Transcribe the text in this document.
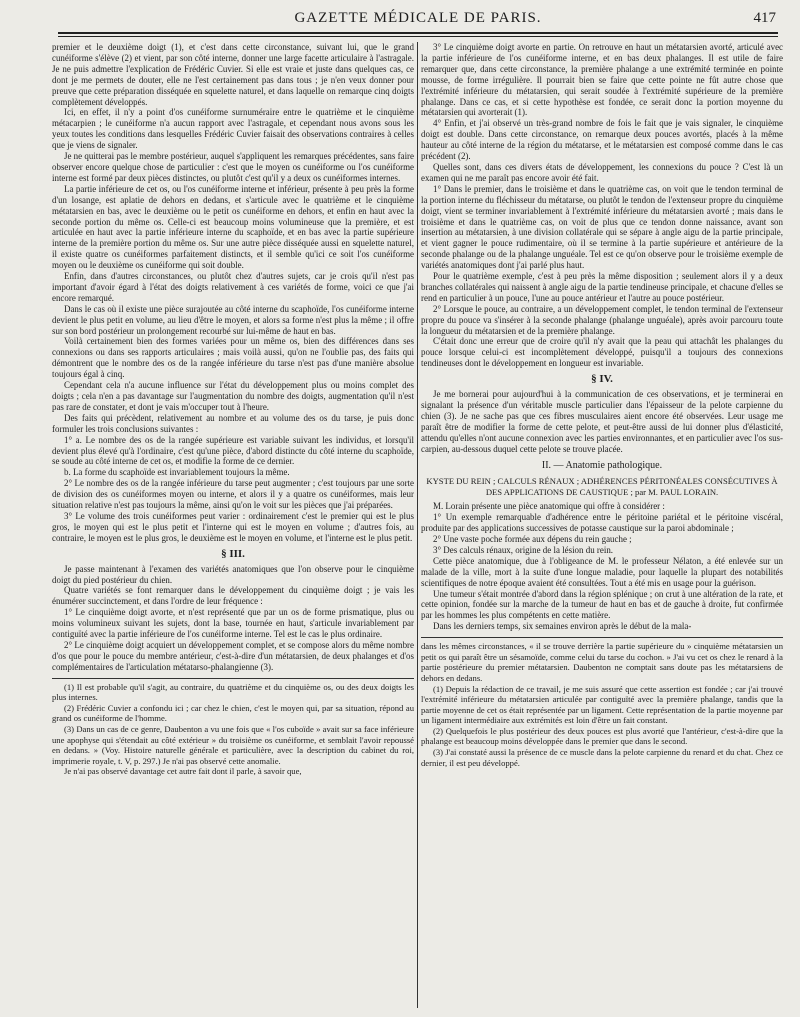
GAZETTE MÉDICALE DE PARIS.	417

premier et le deuxième doigt (1), et c'est dans cette circonstance, suivant lui, que le grand cunéiforme s'élève (2) et vient, par son côté interne, donner une large facette articulaire à l'astragale. Je ne puis admettre l'explication de Frédéric Cuvier. Si elle est vraie et juste dans quelques cas, ce dont je me permets de douter, elle ne l'est certainement pas dans tous ; je n'en veux donner pour preuve que cette préparation disséquée en squelette naturel, et dans laquelle on remarque cinq doigts complètement développés.

Ici, en effet, il n'y a point d'os cunéiforme surnuméraire entre le quatrième et le cinquième métacarpien ; le cunéiforme n'a aucun rapport avec l'astragale, et cependant nous avons sous les yeux toutes les conditions dans lesquelles Frédéric Cuvier faisait des observations contraires à celles que je viens de signaler.

Je ne quitterai pas le membre postérieur, auquel s'appliquent les remarques précédentes, sans faire observer encore quelque chose de particulier : c'est que le moyen os cunéiforme ou l'os cunéiforme interne est formé par deux pièces distinctes, ou plutôt c'est qu'il y a deux os cunéiformes internes.

La partie inférieure de cet os, ou l'os cunéiforme interne et inférieur, présente à peu près la forme d'un losange, est aplatie de dehors en dedans, et s'articule avec le quatrième et le cinquième métatarsien en bas, avec le deuxième ou le petit os cunéiforme en dehors, et enfin en haut avec la seconde portion du même os. Celle-ci est beaucoup moins volumineuse que la première, et est articulée en haut avec la partie inférieure interne du scaphoïde, et en bas avec la partie supérieure interne de la première portion du même os. Sur une autre pièce disséquée aussi en squelette naturel, il existe quatre os cunéiformes parfaitement distincts, et il semble qu'ici ce soit l'os cunéiforme moyen ou le deuxième os cunéiforme qui soit double.

Enfin, dans d'autres circonstances, ou plutôt chez d'autres sujets, car je crois qu'il n'est pas important d'avoir égard à l'état des doigts relativement à ces variétés de forme, voici ce que j'ai encore remarqué.

Dans le cas où il existe une pièce surajoutée au côté interne du scaphoïde, l'os cunéiforme interne devient le plus petit en volume, au lieu d'être le moyen, et alors sa forme n'est plus la même ; il offre sur son bord postérieur un prolongement recourbé sur lui-même de haut en bas.

Voilà certainement bien des formes variées pour un même os, bien des différences dans ses connexions ou dans ses rapports articulaires ; mais voilà aussi, qu'on ne l'oublie pas, des faits qui démontrent que le nombre des os de la rangée inférieure du tarse n'est pas d'une manière absolue toujours égal à cinq.

Cependant cela n'a aucune influence sur l'état du développement plus ou moins complet des doigts ; cela n'en a pas davantage sur l'augmentation du nombre des doigts, augmentation qu'il n'est pas rare de constater, et dont je vais m'occuper tout à l'heure.

Des faits qui précèdent, relativement au nombre et au volume des os du tarse, je puis donc formuler les trois conclusions suivantes :

1° a. Le nombre des os de la rangée supérieure est variable suivant les individus, et lorsqu'il devient plus élevé qu'à l'ordinaire, c'est qu'une pièce, d'abord distincte du côté interne du scaphoïde, se soude au côté interne de cet os, et modifie la forme de ce dernier.

b. La forme du scaphoïde est invariablement toujours la même.

2° Le nombre des os de la rangée inférieure du tarse peut augmenter ; c'est toujours par une sorte de division des os cunéiformes moyen ou interne, et alors il y a quatre os cunéiformes, mais leur situation relative n'est pas toujours la même, ainsi qu'on le voit sur les pièces que j'ai préparées.

3° Le volume des trois cunéiformes peut varier : ordinairement c'est le premier qui est le plus gros, le moyen qui est le plus petit et l'interne qui est le moyen en volume ; d'autres fois, au contraire, le moyen est le plus gros, le deuxième est le moyen en volume, et l'interne est le plus petit.

§ III.

Je passe maintenant à l'examen des variétés anatomiques que l'on observe pour le cinquième doigt du pied postérieur du chien.

Quatre variétés se font remarquer dans le développement du cinquième doigt ; je vais les énumérer succinctement, et dans l'ordre de leur fréquence :

1° Le cinquième doigt avorte, et n'est représenté que par un os de forme prismatique, plus ou moins volumineux suivant les sujets, dont la base, tournée en haut, s'articule invariablement par contiguïté avec la partie inférieure de l'os cunéiforme interne. Tel est le cas le plus ordinaire.

2° Le cinquième doigt acquiert un développement complet, et se compose alors du même nombre d'os que pour le pouce du membre antérieur, c'est-à-dire d'un métatarsien, de deux phalanges et d'os complémentaires de l'articulation métatarso-phalangienne (3).

(1) Il est probable qu'il s'agit, au contraire, du quatrième et du cinquième os, ou des deux doigts les plus internes.

(2) Frédéric Cuvier a confondu ici ; car chez le chien, c'est le moyen qui, par sa situation, répond au grand os cunéiforme de l'homme.

(3) Dans un cas de ce genre, Daubenton a vu une fois que « l'os cuboïde » avait sur sa face inférieure une apophyse qui s'étendait au côté extérieur » du troisième os cunéiforme, et semblait l'avoir repoussé en dedans. » (Voy. Histoire naturelle générale et particulière, avec la description du cabinet du roi, imprimerie royale, t. V, p. 297.) Je n'ai pas observé cette anomalie.

Je n'ai pas observé davantage cet autre fait dont il parle, à savoir que,

3° Le cinquième doigt avorte en partie. On retrouve en haut un métatarsien avorté, articulé avec la partie inférieure de l'os cunéiforme interne, et en bas deux phalanges. Il est utile de faire remarquer que, dans cette circonstance, la première phalange a une extrémité terminée en pointe mousse, de forme irrégulière. Il pourrait bien se faire que cette pointe ne fût autre chose que l'extrémité inférieure du métatarsien, qui serait soudée à l'extrémité supérieure de la première phalange. Dans ce cas, et si cette hypothèse est fondée, ce serait donc la portion moyenne du métatarsien qui avorterait (1).

4° Enfin, et j'ai observé un très-grand nombre de fois le fait que je vais signaler, le cinquième doigt est double. Dans cette circonstance, on remarque deux pouces avortés, placés à la même hauteur au côté interne de la région du métatarse, et le métatarsien est composé comme dans le cas précédent (2).

Quelles sont, dans ces divers états de développement, les connexions du pouce ? C'est là un examen qui ne me paraît pas encore avoir été fait.

1° Dans le premier, dans le troisième et dans le quatrième cas, on voit que le tendon terminal de la portion interne du fléchisseur du métatarse, ou plutôt le tendon de l'extenseur propre du cinquième doigt, vient se terminer invariablement à l'extrémité inférieure du métatarsien avorté ; mais dans le troisième et dans le quatrième cas, on voit de plus que ce tendon donne naissance, avant son insertion au métatarsien, à une division collatérale qui se sépare à angle aigu de la partie principale, et vient gagner le pouce rudimentaire, où il se termine à la partie supérieure et antérieure de la seconde phalange ou de la phalange unguéale. Tel est ce qu'on observe pour le troisième exemple de variétés anatomiques dont j'ai parlé plus haut.

Pour le quatrième exemple, c'est à peu près la même disposition ; seulement alors il y a deux branches collatérales qui naissent à angle aigu de la partie tendineuse principale, et chacune d'elles se rend en particulier à un pouce, l'une au pouce antérieur et l'autre au pouce postérieur.

2° Lorsque le pouce, au contraire, a un développement complet, le tendon terminal de l'extenseur propre du pouce va s'insérer à la seconde phalange (phalange unguéale), après avoir parcouru toute la longueur du métatarsien et de la première phalange.

C'était donc une erreur que de croire qu'il n'y avait que la peau qui attachât les phalanges du pouce lorsque celui-ci est incomplètement développé, puisqu'il a toujours des connexions tendineuses dont le développement en longueur est invariable.

§ IV.

Je me bornerai pour aujourd'hui à la communication de ces observations, et je terminerai en signalant la présence d'un véritable muscle particulier dans l'épaisseur de la pelote carpienne du chien (3). Je ne sache pas que ces fibres musculaires aient encore été observées. Leur usage me paraît être de modifier la forme de cette pelote, et peut-être aussi de lui donner plus d'élasticité, attendu qu'elles n'ont aucune connexion avec les parties environnantes, et en particulier avec l'os sus-carpien, au-dessous duquel cette pelote se trouve placée.

II. — Anatomie pathologique.
KYSTE DU REIN ; CALCULS RÉNAUX ; ADHÉRENCES PÉRITONÉALES CONSÉCUTIVES À DES APPLICATIONS DE CAUSTIQUE ; par M. PAUL LORAIN.

M. Lorain présente une pièce anatomique qui offre à considérer :

1° Un exemple remarquable d'adhérence entre le péritoine pariétal et le péritoine viscéral, produite par des applications successives de potasse caustique sur la paroi abdominale ;

2° Une vaste poche formée aux dépens du rein gauche ;

3° Des calculs rénaux, origine de la lésion du rein.

Cette pièce anatomique, due à l'obligeance de M. le professeur Nélaton, a été enlevée sur un malade de la ville, mort à la suite d'une longue maladie, pour laquelle la plupart des notabilités scientifiques de notre époque avaient été consultées. Tout a été mis en usage pour la guérison.

Une tumeur s'était montrée d'abord dans la région splénique ; on crut à une altération de la rate, et cette opinion, fondée sur la marche de la tumeur de haut en bas et de gauche à droite, fut confirmée par les hommes les plus compétents en cette matière.

Dans les derniers temps, six semaines environ après le début de la mala-

dans les mêmes circonstances, « il se trouve derrière la partie supérieure du » cinquième métatarsien un petit os qui paraît être un sésamoïde, comme celui du tarse du cochon. » J'ai vu cet os chez le renard à la partie postérieure du premier métatarsien. Daubenton ne comptait sans doute pas les métatarsiens de dehors en dedans.

(1) Depuis la rédaction de ce travail, je me suis assuré que cette assertion est fondée ; car j'ai trouvé l'extrémité inférieure du métatarsien articulée par contiguïté avec la première phalange, tandis que la partie moyenne de cet os était représentée par un ligament. Cette représentation de la partie moyenne par un ligament intermédiaire aux extrémités est loin d'être un fait constant.

(2) Quelquefois le plus postérieur des deux pouces est plus avorté que l'antérieur, c'est-à-dire que la phalange est beaucoup moins développée dans le premier que dans le second.

(3) J'ai constaté aussi la présence de ce muscle dans la pelote carpienne du renard et du chat. Chez ce dernier, il est peu développé.
